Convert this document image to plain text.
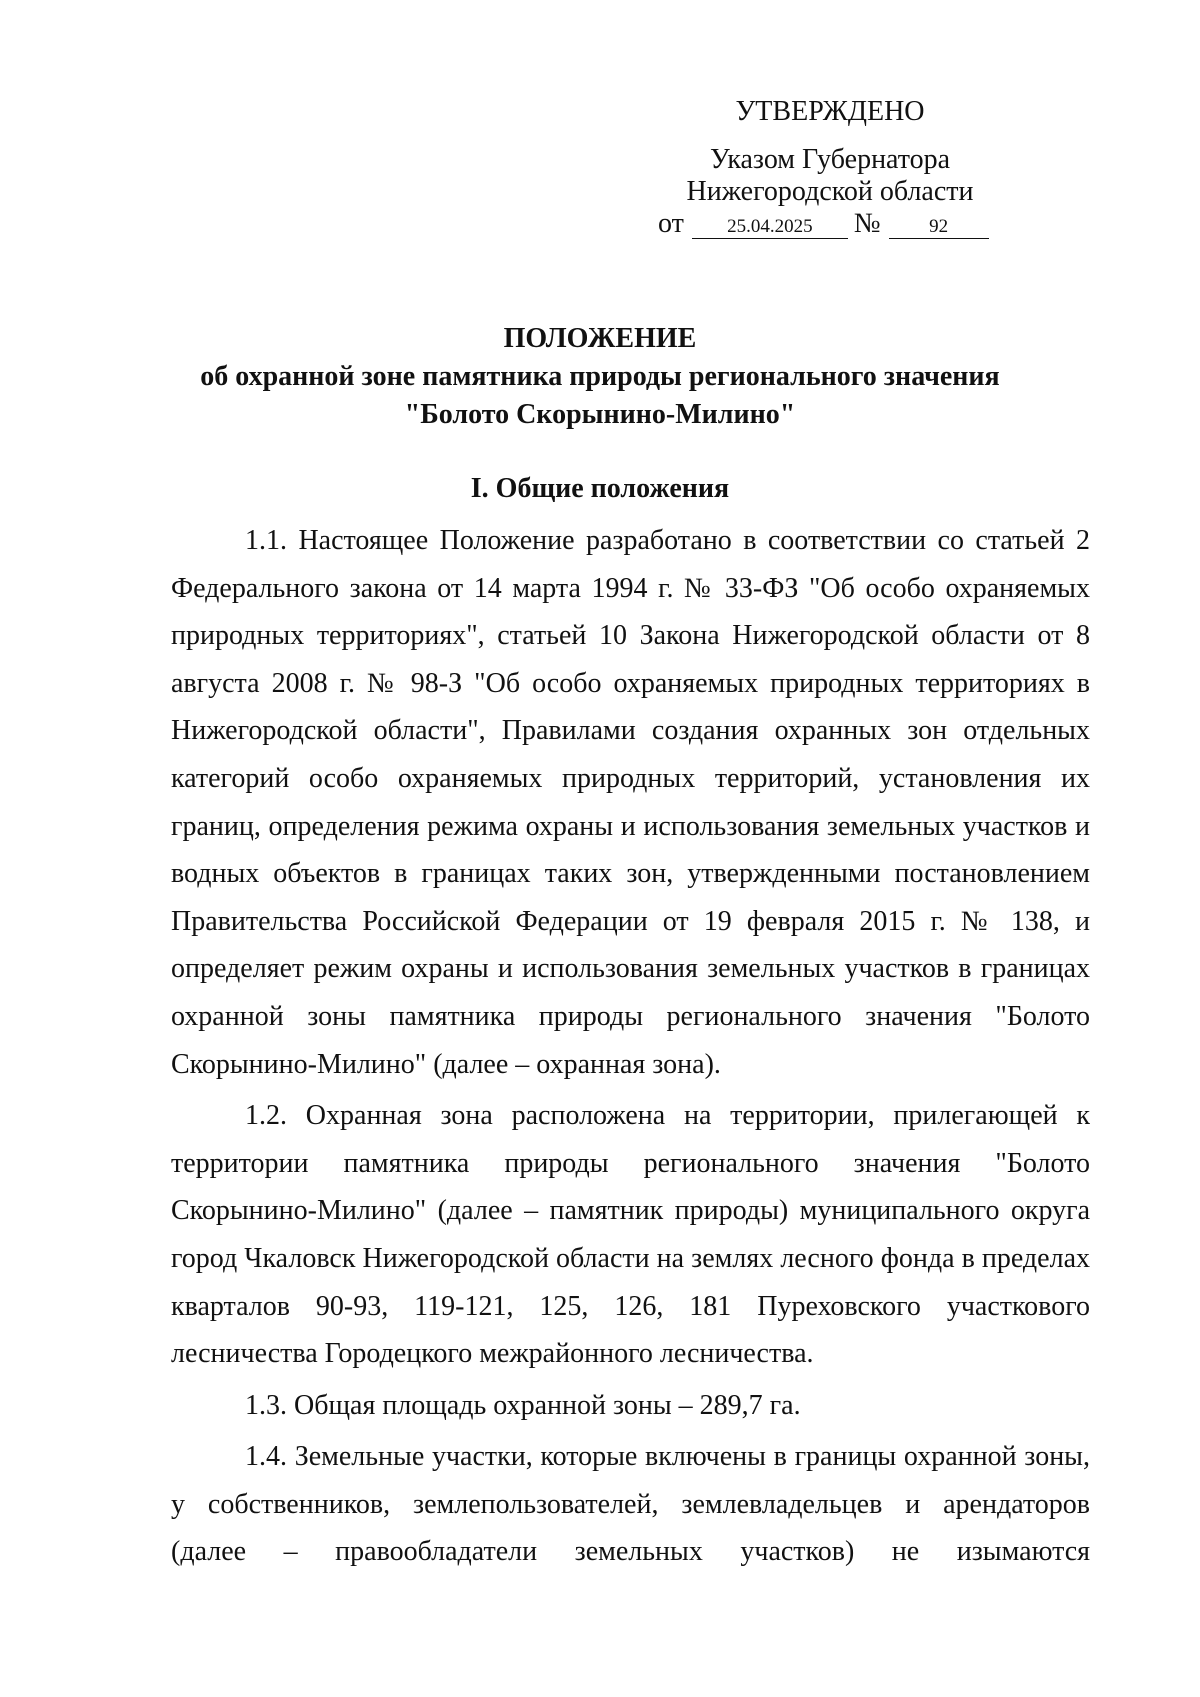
УТВЕРЖДЕНО
Указом Губернатора
Нижегородской области
от 25.04.2025 №	92
ПОЛОЖЕНИЕ
об охранной зоне памятника природы регионального значения
"Болото Скорынино-Милино"
I. Общие положения

1.1. Настоящее Положение разработано в соответствии со статьей 2 Федерального закона от 14 марта 1994 г. № 33-ФЗ "Об особо охраняемых природных территориях", статьей 10 Закона Нижегородской области от 8 августа 2008 г. № 98-З "Об особо охраняемых природных территориях в Нижегородской области", Правилами создания охранных зон отдельных категорий особо охраняемых природных территорий, установления их границ, определения режима охраны и использования земельных участков и водных объектов в границах таких зон, утвержденными постановлением Правительства Российской Федерации от 19 февраля 2015 г. № 138, и определяет режим охраны и использования земельных участков в границах охранной зоны памятника природы регионального значения "Болото Скорынино-Милино" (далее – охранная зона).

1.2. Охранная зона расположена на территории, прилегающей к территории памятника природы регионального значения "Болото Скорынино-Милино" (далее – памятник природы) муниципального округа город Чкаловск Нижегородской области на землях лесного фонда в пределах кварталов 90-93, 119-121, 125, 126, 181 Пуреховского участкового лесничества Городецкого межрайонного лесничества.

1.3. Общая площадь охранной зоны – 289,7 га.

1.4. Земельные участки, которые включены в границы охранной зоны, у собственников, землепользователей, землевладельцев и арендаторов (далее – правообладатели земельных участков) не изымаются
